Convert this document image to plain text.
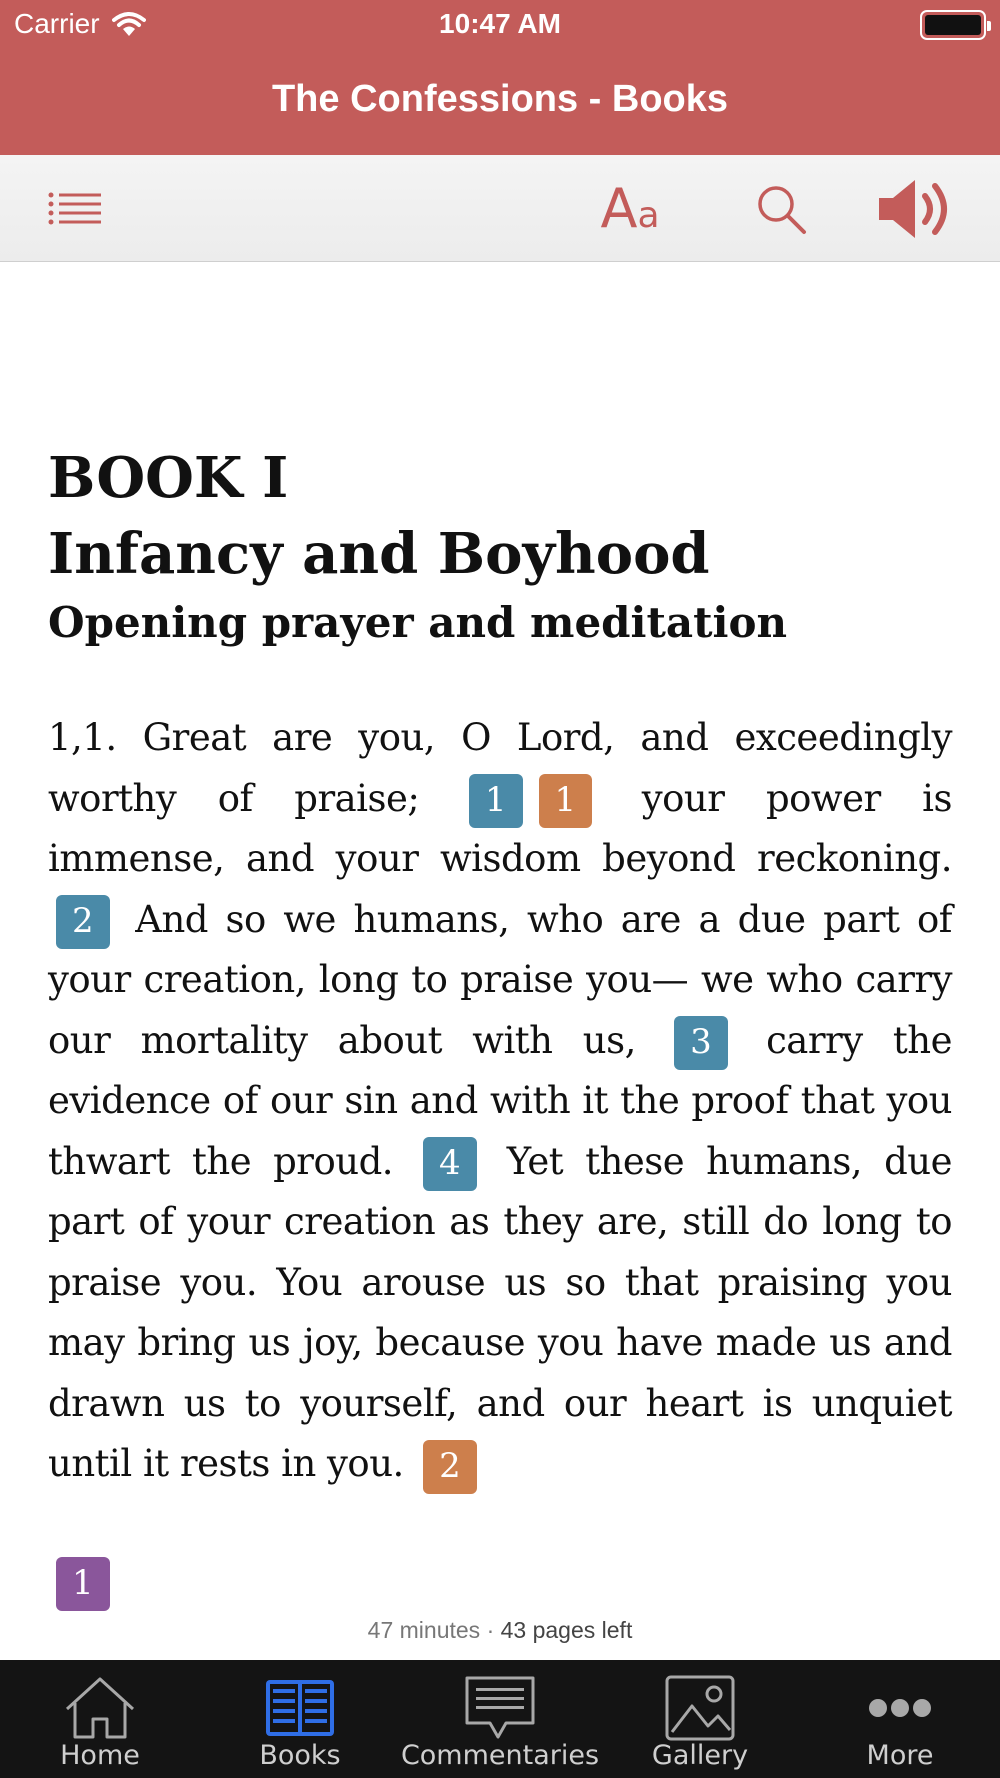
Carrier	10:47 AM
The Confessions - Books
Aa
BOOK I
Infancy and Boyhood
Opening prayer and meditation

1,1. Great are you, O Lord, and exceedingly worthy of praise; 1 1 your power is immense, and your wisdom beyond reckoning. 2 And so we humans, who are a due part of your creation, long to praise you— we who carry our mortality about with us, 3 carry the evidence of our sin and with it the proof that you thwart the proud. 4 Yet these humans, due part of your creation as they are, still do long to praise you. You arouse us so that praising you may bring us joy, because you have made us and drawn us to yourself, and our heart is unquiet until it rests in you. 2

1
47 minutes · 43 pages left
Home	Books	Commentaries	Gallery	More
